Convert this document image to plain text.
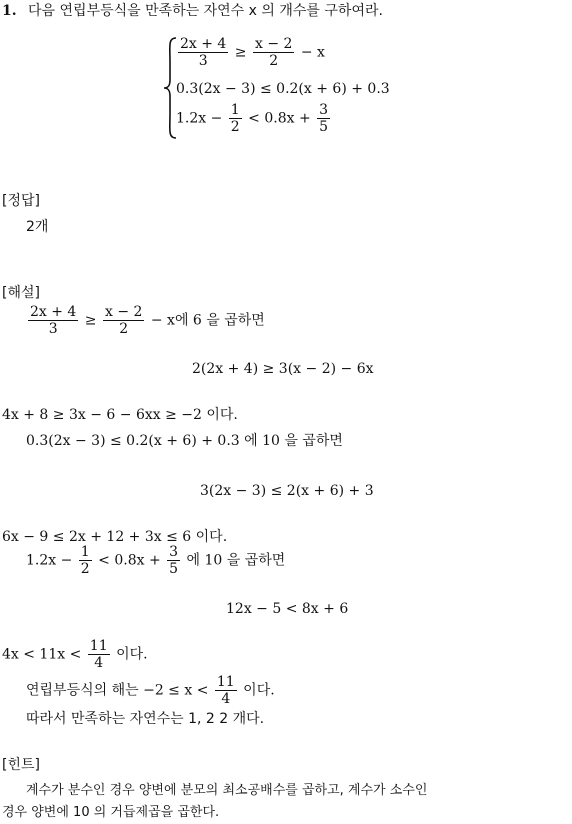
1. 다음 연립부등식을 만족하는 자연수 x 의 개수를 구하여라.
$\frac{2x + 4}{3} \ge \frac{x - 2}{2} - x$
0.3(2x − 3) ≤ 0.2(x + 6) + 0.3
$1.2x - \frac{1}{2} < 0.8x + \frac{3}{5}$
[정답]
2개
[해설]
$\frac{2x + 4}{3} \ge \frac{x - 2}{2} - x$에 6 을 곱하면
2(2x + 4) ≥ 3(x − 2) − 6x
4x + 8 ≥ 3x − 6 − 6xx ≥ −2 이다.
0.3(2x − 3) ≤ 0.2(x + 6) + 0.3 에 10 을 곱하면
3(2x − 3) ≤ 2(x + 6) + 3
6x − 9 ≤ 2x + 12 + 3x ≤ 6 이다.
$1.2x - \frac{1}{2} < 0.8x + \frac{3}{5}$ 에 10 을 곱하면
12x − 5 < 8x + 6
$4x < 11x < \frac{11}{4}$ 이다.
연립부등식의 해는 $-2 \le x < \frac{11}{4}$ 이다.
따라서 만족하는 자연수는 1, 2 2 개다.
[힌트]
계수가 분수인 경우 양변에 분모의 최소공배수를 곱하고, 계수가 소수인
경우 양변에 10 의 거듭제곱을 곱한다.
